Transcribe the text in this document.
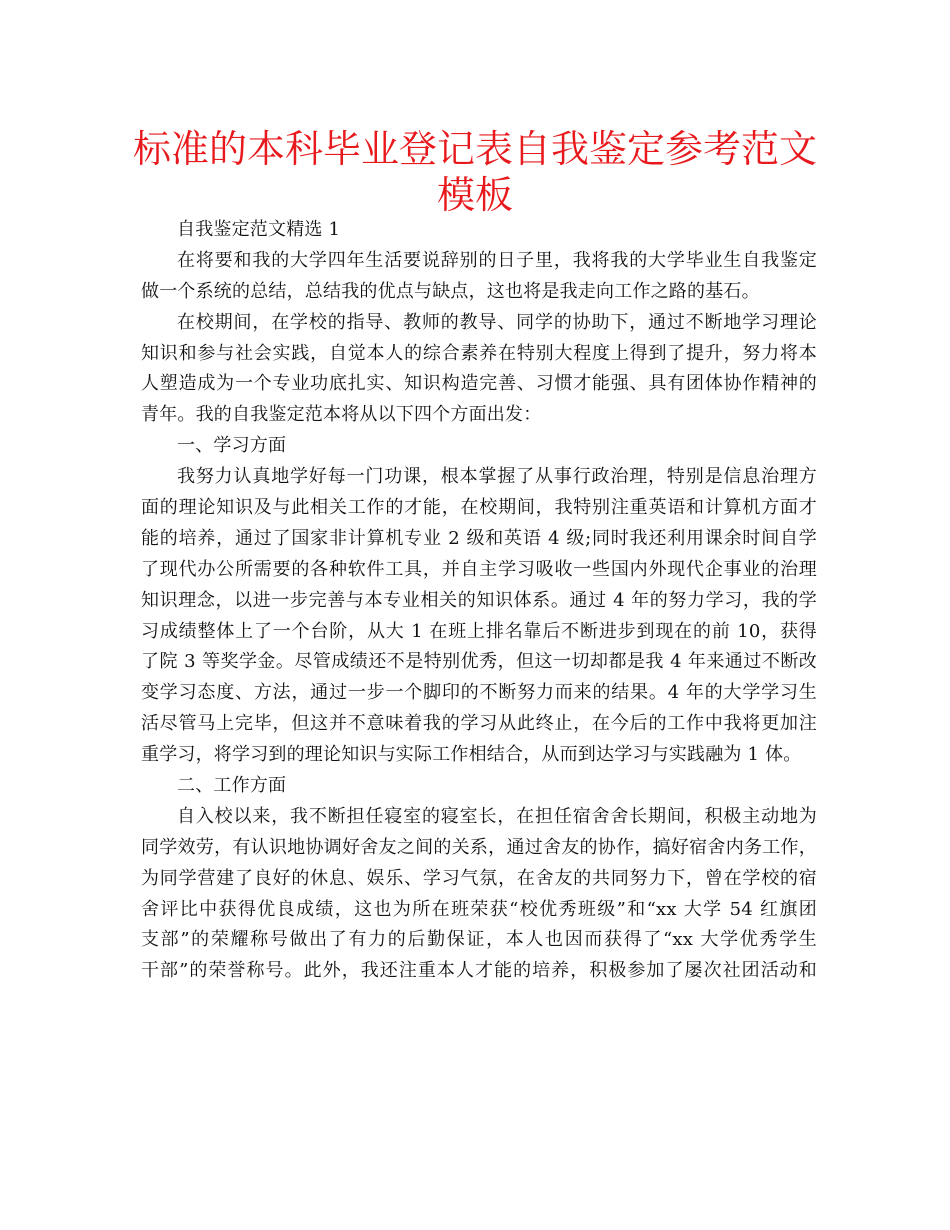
标准的本科毕业登记表自我鉴定参考范文
模板
自我鉴定范文精选 1
在将要和我的大学四年生活要说辞别的日子里，我将我的大学毕业生自我鉴定
做一个系统的总结，总结我的优点与缺点，这也将是我走向工作之路的基石。
在校期间，在学校的指导、教师的教导、同学的协助下，通过不断地学习理论
知识和参与社会实践，自觉本人的综合素养在特别大程度上得到了提升，努力将本
人塑造成为一个专业功底扎实、知识构造完善、习惯才能强、具有团体协作精神的
青年。我的自我鉴定范本将从以下四个方面出发：
一、学习方面
我努力认真地学好每一门功课，根本掌握了从事行政治理，特别是信息治理方
面的理论知识及与此相关工作的才能，在校期间，我特别注重英语和计算机方面才
能的培养，通过了国家非计算机专业 2 级和英语 4 级;同时我还利用课余时间自学
了现代办公所需要的各种软件工具，并自主学习吸收一些国内外现代企事业的治理
知识理念，以进一步完善与本专业相关的知识体系。通过 4 年的努力学习，我的学
习成绩整体上了一个台阶，从大 1 在班上排名靠后不断进步到现在的前 10，获得
了院 3 等奖学金。尽管成绩还不是特别优秀，但这一切却都是我 4 年来通过不断改
变学习态度、方法，通过一步一个脚印的不断努力而来的结果。4 年的大学学习生
活尽管马上完毕，但这并不意味着我的学习从此终止，在今后的工作中我将更加注
重学习，将学习到的理论知识与实际工作相结合，从而到达学习与实践融为 1 体。
二、工作方面
自入校以来，我不断担任寝室的寝室长，在担任宿舍舍长期间，积极主动地为
同学效劳，有认识地协调好舍友之间的关系，通过舍友的协作，搞好宿舍内务工作，
为同学营建了良好的休息、娱乐、学习气氛，在舍友的共同努力下，曾在学校的宿
舍评比中获得优良成绩，这也为所在班荣获“校优秀班级”和“xx 大学 54 红旗团
支部”的荣耀称号做出了有力的后勤保证，本人也因而获得了“xx 大学优秀学生
干部”的荣誉称号。此外，我还注重本人才能的培养，积极参加了屡次社团活动和
